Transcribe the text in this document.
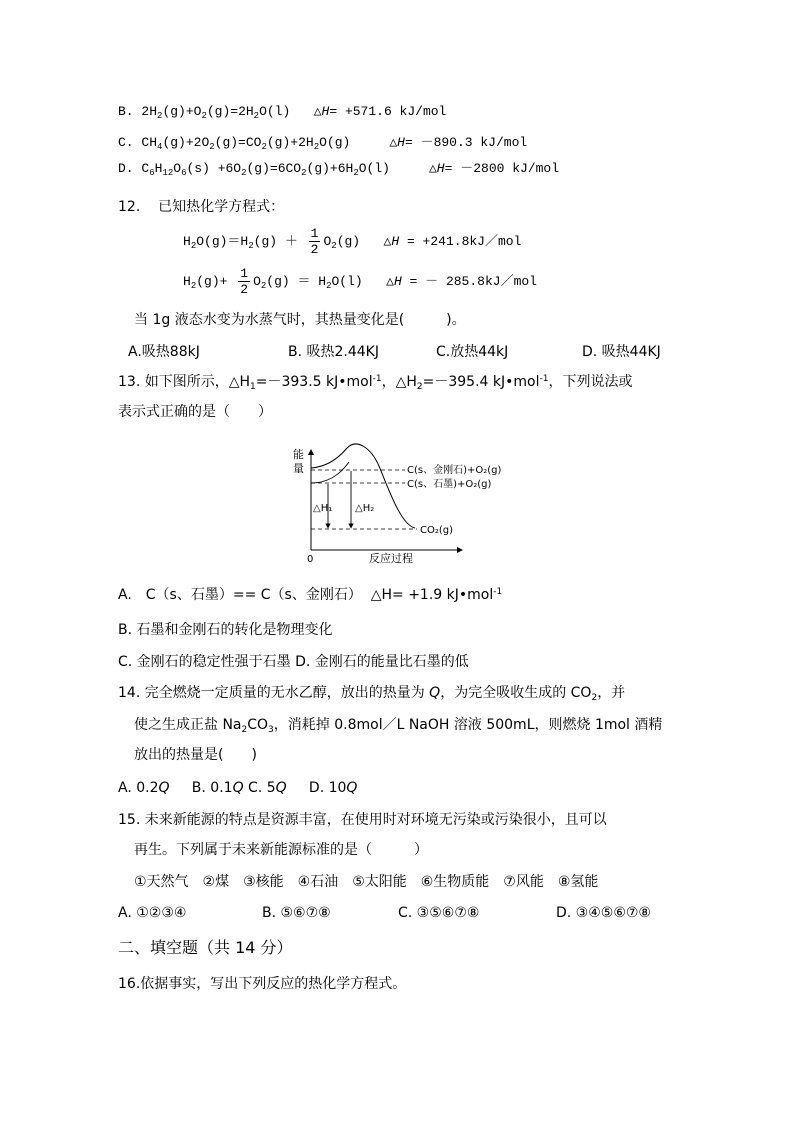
B. $2H_2(g)+O_2(g)=2H_2O(l)$ △H= +571.6 kJ/mol
C. $CH_4(g)+2O_2(g)=CO_2(g)+2H_2O(g)$	△H= －890.3 kJ/mol
D. $C_6H_{12}O_6(s) +6O_2(g)=6CO_2(g)+6H_2O(l)$	△H= －2800 kJ/mol
12. 已知热化学方程式：
$H_2O(g)=H_2(g) + \frac{1}{2} O_2(g)$   △H = +241.8kJ／mol
$H_2(g)+ \frac{1}{2} O_2(g) = H_2O(l)$   △H = － 285.8kJ／mol
当 1g 液态水变为水蒸气时，其热量变化是(　　　)。
A.吸热88kJ	B. 吸热2.44KJ	C.放热44kJ	D. 吸热44KJ
13. 如下图所示，$\triangle H_1=-393.5$ kJ•mol$^{-1}$，$\triangle H_2=-395.4$ kJ•mol$^{-1}$，下列说法或
表示式正确的是（　　）
能
量
0	反应过程
C(s、金刚石)+O₂(g)
C(s、石墨)+O₂(g)
CO₂(g)
△H₁ △H₂
A.　C（s、石墨）== C（s、金刚石）  △H= +1.9 kJ•mol$^{-1}$
B. 石墨和金刚石的转化是物理变化
C. 金刚石的稳定性强于石墨 D. 金刚石的能量比石墨的低
14. 完全燃烧一定质量的无水乙醇，放出的热量为 Q，为完全吸收生成的 $CO_2$，并
使之生成正盐 $Na_2CO_3$，消耗掉 0.8mol／L NaOH 溶液 500mL，则燃烧 1mol 酒精
放出的热量是(　　)
A. 0.2Q     B. 0.1Q C. 5Q     D. 10Q
15. 未来新能源的特点是资源丰富，在使用时对环境无污染或污染很小，且可以
再生。下列属于未来新能源标准的是（　　　）
①天然气　②煤　③核能　④石油　⑤太阳能　⑥生物质能　⑦风能　⑧氢能
A. ①②③④	B. ⑤⑥⑦⑧	C. ③⑤⑥⑦⑧	D. ③④⑤⑥⑦⑧
二、填空题（共 14 分）
16.依据事实，写出下列反应的热化学方程式。
